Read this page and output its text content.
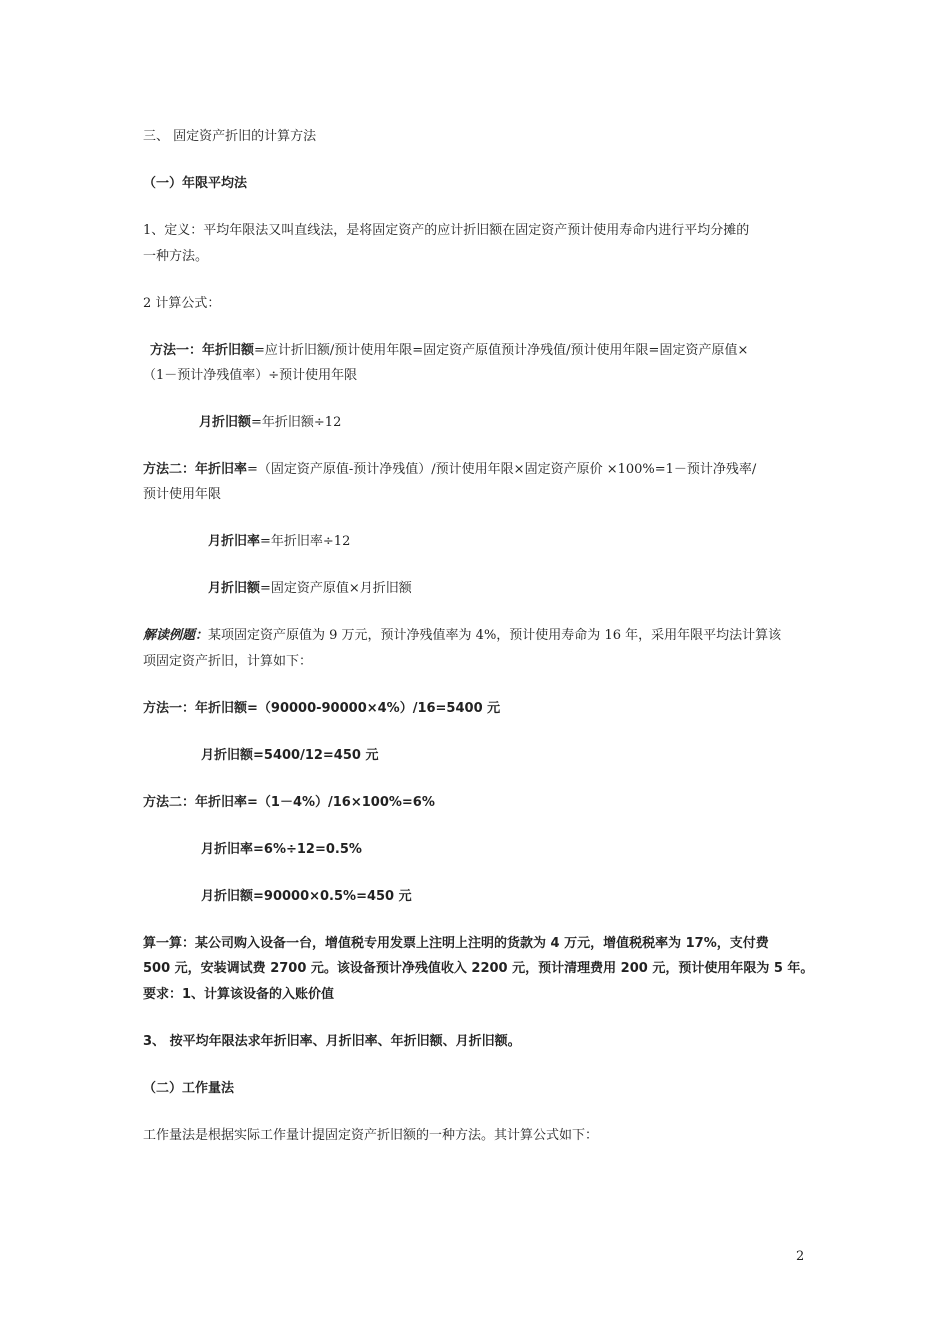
三、 固定资产折旧的计算方法
（一）年限平均法
1、定义：平均年限法又叫直线法，是将固定资产的应计折旧额在固定资产预计使用寿命内进行平均分摊的
一种方法。
2 计算公式：
方法一：年折旧额=应计折旧额/预计使用年限=固定资产原值预计净残值/预计使用年限=固定资产原值×
（1－预计净残值率）÷预计使用年限
月折旧额=年折旧额÷12
方法二：年折旧率=（固定资产原值-预计净残值）/预计使用年限×固定资产原价 ×100%=1－预计净残率/
预计使用年限
月折旧率=年折旧率÷12
月折旧额=固定资产原值×月折旧额
解读例题：某项固定资产原值为 9 万元，预计净残值率为 4%，预计使用寿命为 16 年，采用年限平均法计算该
项固定资产折旧，计算如下：
方法一：年折旧额=（90000-90000×4%）/16=5400 元
月折旧额=5400/12=450 元
方法二：年折旧率=（1－4%）/16×100%=6%
月折旧率=6%÷12=0.5%
月折旧额=90000×0.5%=450 元
算一算：某公司购入设备一台，增值税专用发票上注明上注明的货款为 4 万元，增值税税率为 17%，支付费
500 元，安装调试费 2700 元。该设备预计净残值收入 2200 元，预计清理费用 200 元，预计使用年限为 5 年。
要求：1、计算该设备的入账价值
3、 按平均年限法求年折旧率、月折旧率、年折旧额、月折旧额。
（二）工作量法
工作量法是根据实际工作量计提固定资产折旧额的一种方法。其计算公式如下：
2
